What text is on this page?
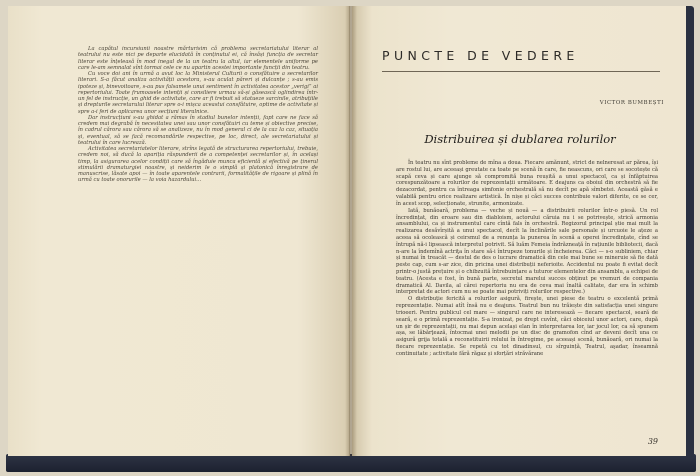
La capătul incursiunii noastre mărturisim că problema secretariatului literar al teatrului nu este nici pe departe elucidată în conținutul ei, că însăși funcția de secretar literar este înțeleasă în mod inegal de la un teatru la altul, iar elementele uniforme pe care le-am semnalat sînt tormai cele ce nu apartin acestei importante funcții din teatru.

Cu voce doi ani în urmă a avut loc la Ministerul Culturii o consfătuire a secretarilor literari. S-a făcut analiza activității acestora, s-au aculat păreri și dulcanțe ; s-au emis ipoteze și, binevoitoare, s-au pus falsamele unui sentiment în activitatea acestor „verigi” ai repertoriului. Toate frumoasele intenții și consiliere urmau să-și găsească oglindirea într-un fel de instrucție, un ghid de activitate, care ar fi trebuit să statueze sarcinile, atribuțiile și drepturile secretarului literar spre o-i mișca aceastui consfătuire, optime de activitate și spre a-i feri de aplicarea unor secțiuni literalnice.

Dar instrucțiuni s-au ghidat a rămas în stadiul bunelor intenții, fapt care ne face să credem mai degrabă în necesitatea unei sau unor consfătuiri cu teme și obiective precise, în cadrul cărora sau cărora să se analizeze, nu în mod general ci de la caz la caz, situația și, eventual, să se facă recomandările respective, pe loc, direct, ale secretariatului și teatrului în care lucrează.

Activitatea secretariatelor literare, strîns legată de structurarea repertoriului, trebuie, credem noi, să ducă la apariția răspunderii de a competenței secretarilor și, în același timp, la asigurarea acelor condiții care să îngăduie munca eficientă și efectivă pe ținerul stimulării dramaturgiei noastre, și neiderim le o simplă și platonică înregistrare de manuscrise, lăsate apoi — în toate aparentele contrarii, formalitățile de rigoare și plină în urmă cu toate onorurile — la voia hazardului...

PUNCTE DE VEDERE
VICTOR BUMBEȘTI
Distribuirea și dublarea rolurilor

În teatru nu sînt probleme de mîna a doua. Fiecare amănunt, strict de nelneresat ar părea, își are rostul lui, are aceeași greutate ca toate pe scenă în care, fie neascuns, ori care se socotește că scapă ceva și care ajunge să compromită buna reușită a unui spectacol, ca și înfăptuirea corespunzătoare a rolurilor de reprezentații următoare. E deajuns ca oboiul din orchestră să fie dezacordat, pentru ca întreaga simfonie orchestrală să nu decît pe apă sîmbetei. Această găsă e valabilă pentru orice realizare artistică. În nișe și căci succes contribuie valori diferite, ce se cer, în acest scop, selecționate, strunite, armonizate.

Iată, bunăoară, problema — veche și nouă — a distribuirii rolurilor într-o piesă. Un rol încredințat, din eroare sau din diabloism, actorului căruia nu i se potrivește, strică armonia ansamblului, ca și instrumentul care cîntă fals în orchestră. Regizorul principal știe mai mult la realizarea desăvîrșită a unui spectacol, decît la înclinările sale personale și urcuoie le ațeze a aceea să ocolească și ceirsmul de a renunța la punerea în scenă a operei încredințate, cînd se întrupă nă-i lipsească interpretul potrivit. Să luăm Femeia îndrăzneață în rațiunile bibliotecii, dacă n-are la îndemînă actriţa în stare să-i întrupeze tonurile și încheierea. Căci — s-o subliniem, chiar și numai în treacăt — destul de des o lucrare dramatică din cele mai bune se mineruie să fie dată peste cap, cum s-ar zice, din pricina unei distribuții neferioite. Accidentul nu poate fi evitat decît printr-o justă prețuire și o chibzuită întrebuințare a tuturor elementelor din ansamblu, a echipei de teatru. (Acesta e fost, în bună parte, secretul marelui succes obținut pe vremuri de compania dramatică Al. Davila, al cărei repertoriu nu era de ceva mai înaltă calitate, dar era în schimb interpretat de actori cum nu se poate mai potriviți rolurilor respective.)

O distribuție fericită a rolurilor asigură, firește, unei piese de teatru o excelentă primă reprezentație. Numai atît însă nu e deajuns. Teatrul bun nu trăiește din satisfacția unei singure trioeeri. Pentru publicul cel mare — singurul care ne interesează — fiecare spectacol, seară de seară, e o primă reprezentație. S-a ironizat, pe drept cuvînt, căci obiceiul unor actori, care, după un șir de reprezentații, nu mai depun același elan în interpretarea lor, iar jocul lor, ca să spunem așa, se lăbărţează, întocmai unei melodii pe un disc de gramofon cînd ar deveni decît una ce asigură grija totală a reconstituirii rolului în întregime, pe aceeași scenă, bunăoară, ori numai la fiecare reprezentație. Se repetă cu tot dinadinsul, cu sîrguință, Teatrul, aşadar, înseamnă continuitate ; activitate fără răgaz și sforțări străvărane

39
